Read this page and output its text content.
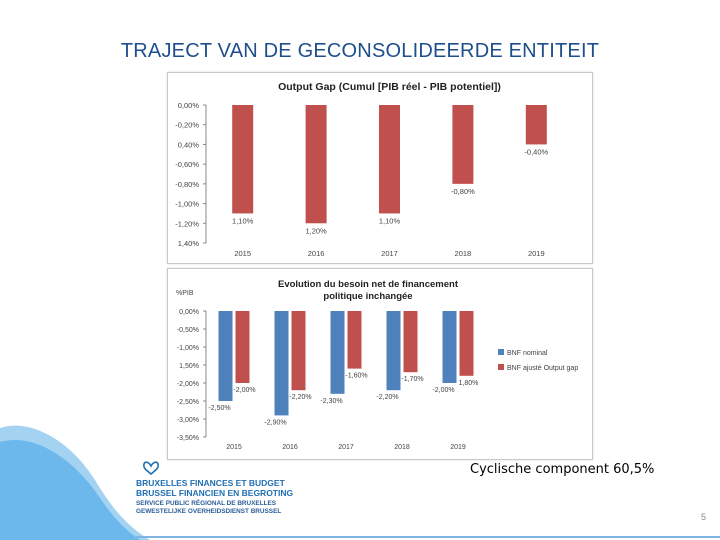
TRAJECT VAN DE GECONSOLIDEERDE ENTITEIT
Output Gap (Cumul [PIB réel - PIB potentiel])
0,00%
-0,20%
0,40%
-0,60%
-0,80%
-1,00%
-1,20%
1,40%
1,10%
2015
1,20%
2016
1,10%
2017
-0,80%
2018
-0,40%
2019
Evolution du besoin net de financement
politique inchangée
%PIB
0,00%
-0,50%
-1,00%
1,50%
-2,00%
-2,50%
-3,00%
-3,50%
-2,50%
-2,00%
2015
-2,90%
-2,20%
2016
-2,30%
-1,60%
2017
-2,20%
-1,70%
2018
-2,00%
1,80%
2019
BNF nominal
BNF ajusté Output gap
Cyclische component 60,5%
BRUXELLES FINANCES ET BUDGET
BRUSSEL FINANCIEN EN BEGROTING
SERVICE PUBLIC RÉGIONAL DE BRUXELLES
GEWESTELIJKE OVERHEIDSDIENST BRUSSEL
5
